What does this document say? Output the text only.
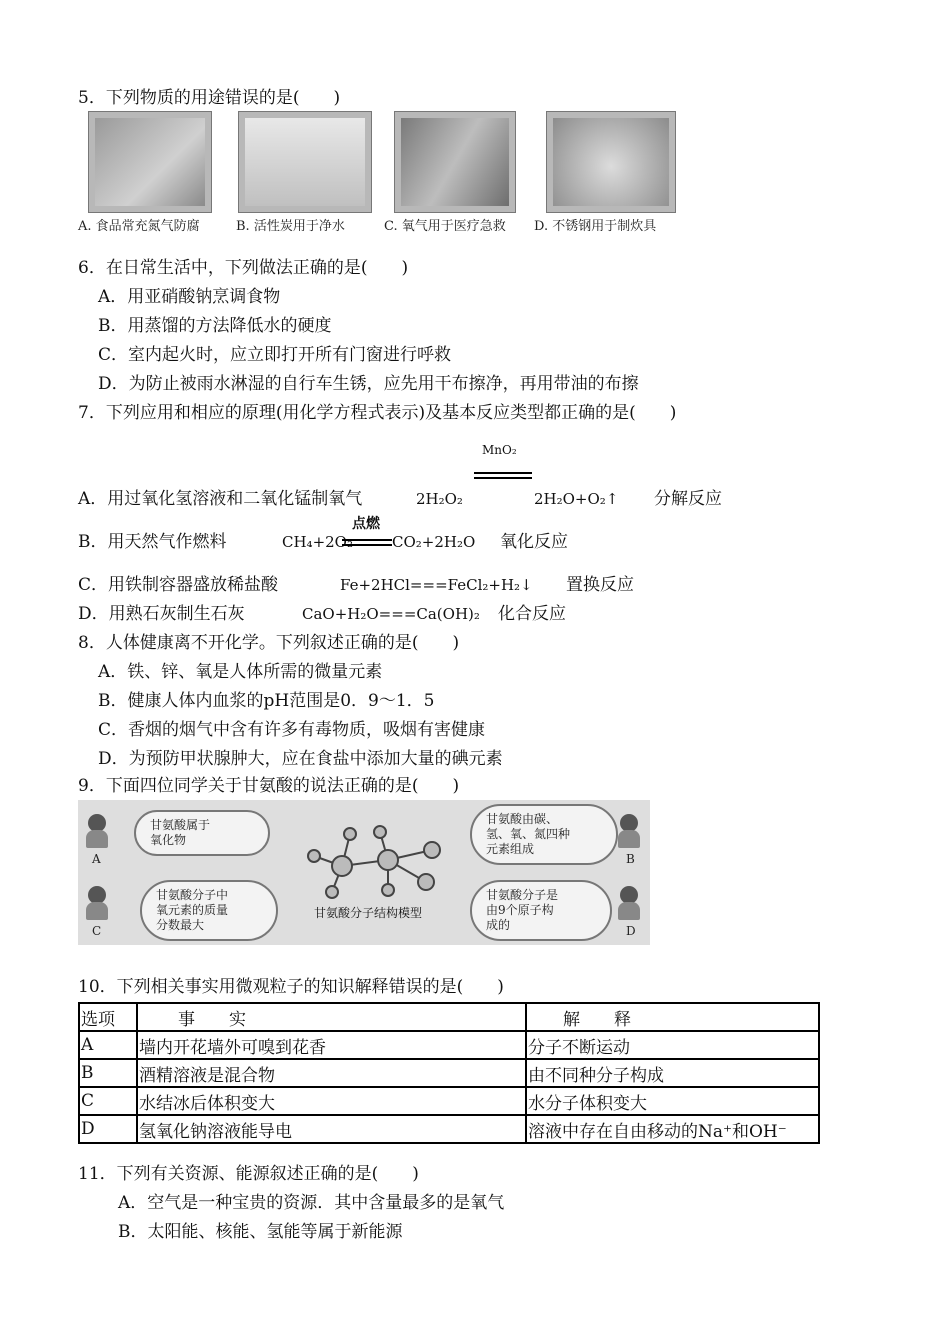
5．下列物质的用途错误的是(　　)
A. 食品常充氮气防腐	B. 活性炭用于净水	C. 氧气用于医疗急救 D. 不锈钢用于制炊具
6．在日常生活中，下列做法正确的是(　　)
A．用亚硝酸钠烹调食物
B．用蒸馏的方法降低水的硬度
C．室内起火时，应立即打开所有门窗进行呼救
D．为防止被雨水淋湿的自行车生锈，应先用干布擦净，再用带油的布擦
7．下列应用和相应的原理(用化学方程式表示)及基本反应类型都正确的是(　　)
MnO₂
A．用过氧化氢溶液和二氧化锰制氧气	2H₂O₂	2H₂O+O₂↑ 分解反应
点燃
B．用天然气作燃料	CH₄+2O₂	CO₂+2H₂O 氧化反应
C．用铁制容器盛放稀盐酸	Fe+2HCl===FeCl₂+H₂↓ 置换反应
D．用熟石灰制生石灰	CaO+H₂O===Ca(OH)₂ 化合反应
8．人体健康离不开化学。下列叙述正确的是(　　)
A．铁、锌、氧是人体所需的微量元素
B．健康人体内血浆的pH范围是0．9～1．5
C．香烟的烟气中含有许多有毒物质，吸烟有害健康
D．为预防甲状腺肿大，应在食盐中添加大量的碘元素
9．下面四位同学关于甘氨酸的说法正确的是(　　)
A
甘氨酸属于
氧化物
B
甘氨酸由碳、
氢、氧、氮四种
元素组成
C
甘氨酸分子中
氧元素的质量
分数最大	D
甘氨酸分子是
由9个原子构
成的
甘氨酸分子结构模型
10．下列相关事实用微观粒子的知识解释错误的是(　　)
选项	事　　实	解　　释
A	墙内开花墙外可嗅到花香	分子不断运动
B	酒精溶液是混合物	由不同种分子构成
C	水结冰后体积变大	水分子体积变大
D	氢氧化钠溶液能导电	溶液中存在自由移动的Na⁺和OH⁻
11．下列有关资源、能源叙述正确的是(　　)
A．空气是一种宝贵的资源．其中含量最多的是氧气
B．太阳能、核能、氢能等属于新能源
